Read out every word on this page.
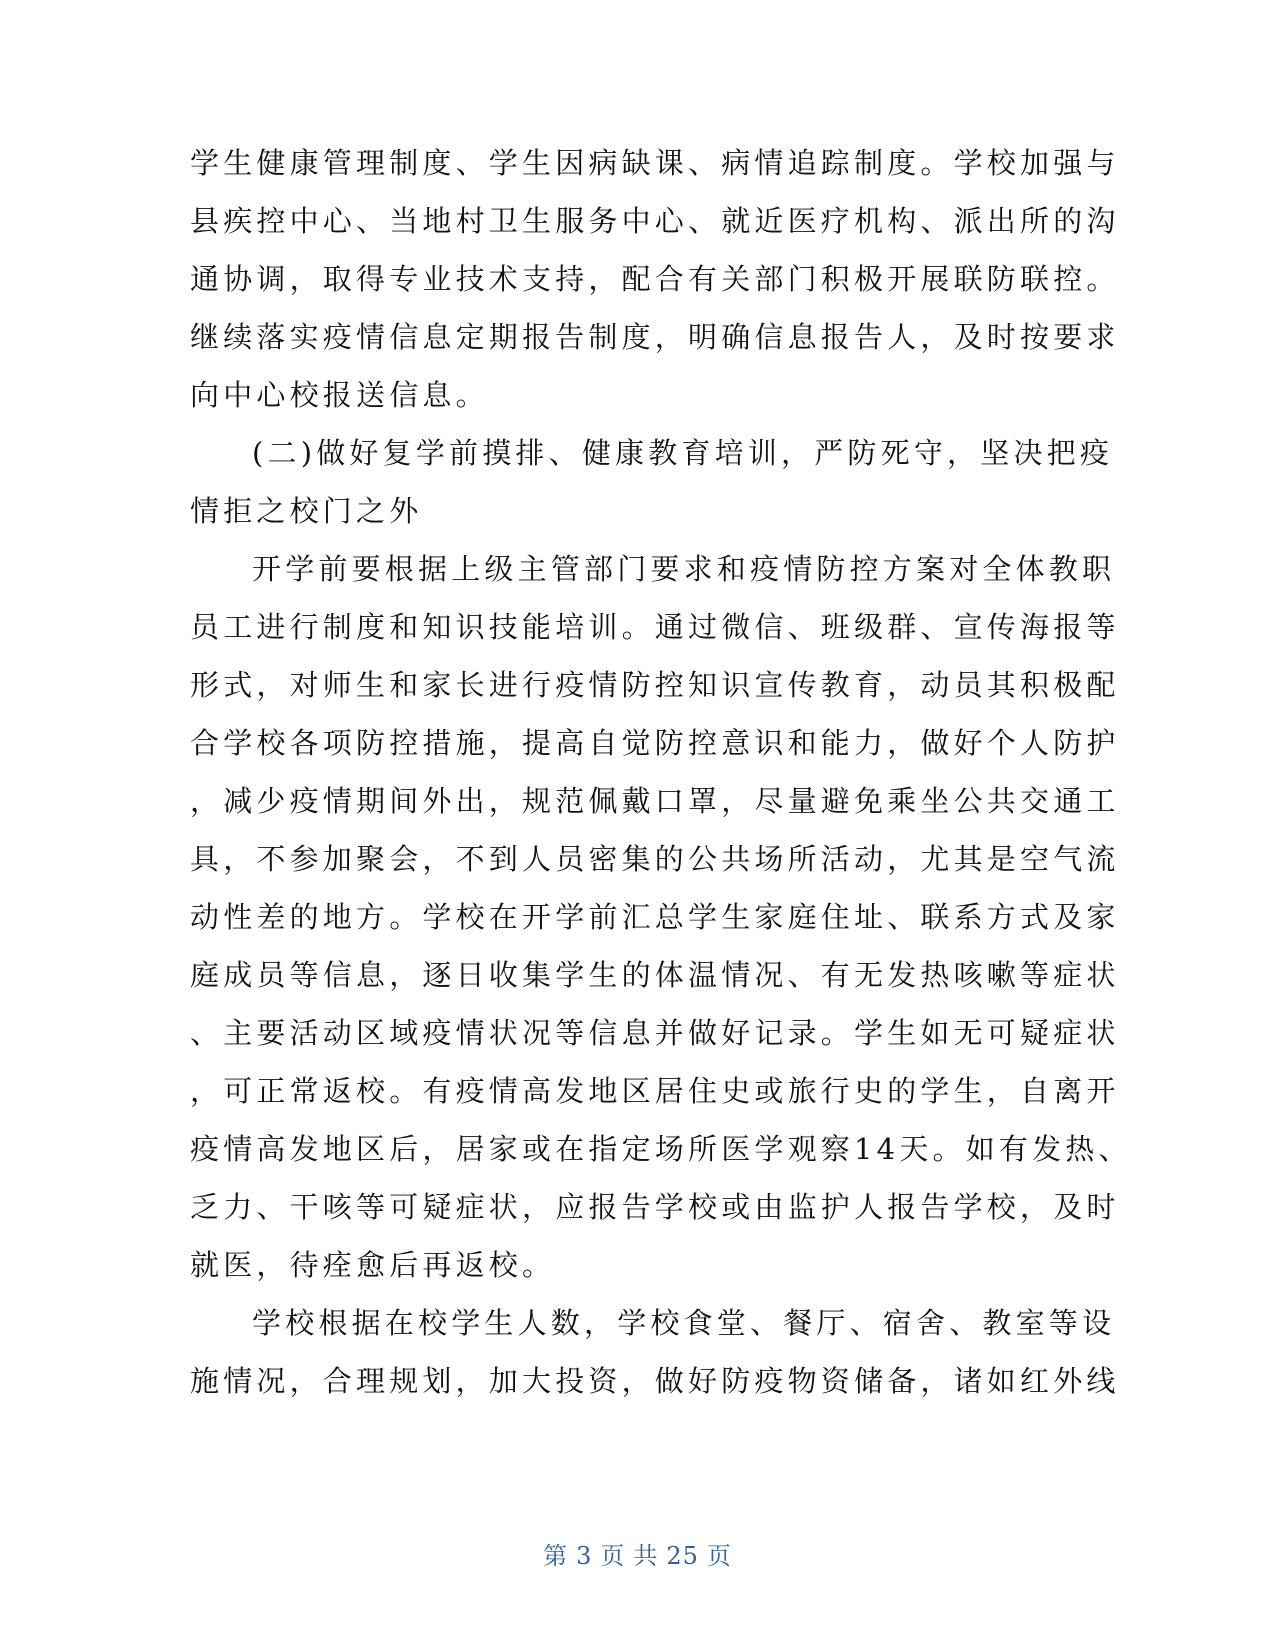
学生健康管理制度、学生因病缺课、病情追踪制度。学校加强与
县疾控中心、当地村卫生服务中心、就近医疗机构、派出所的沟
通协调，取得专业技术支持，配合有关部门积极开展联防联控。
继续落实疫情信息定期报告制度，明确信息报告人，及时按要求
向中心校报送信息。
(二)做好复学前摸排、健康教育培训，严防死守，坚决把疫
情拒之校门之外
开学前要根据上级主管部门要求和疫情防控方案对全体教职
员工进行制度和知识技能培训。通过微信、班级群、宣传海报等
形式，对师生和家长进行疫情防控知识宣传教育，动员其积极配
合学校各项防控措施，提高自觉防控意识和能力，做好个人防护
，减少疫情期间外出，规范佩戴口罩，尽量避免乘坐公共交通工
具，不参加聚会，不到人员密集的公共场所活动，尤其是空气流
动性差的地方。学校在开学前汇总学生家庭住址、联系方式及家
庭成员等信息，逐日收集学生的体温情况、有无发热咳嗽等症状
、主要活动区域疫情状况等信息并做好记录。学生如无可疑症状
，可正常返校。有疫情高发地区居住史或旅行史的学生，自离开
疫情高发地区后，居家或在指定场所医学观察14天。如有发热、
乏力、干咳等可疑症状，应报告学校或由监护人报告学校，及时
就医，待痊愈后再返校。
学校根据在校学生人数，学校食堂、餐厅、宿舍、教室等设
施情况，合理规划，加大投资，做好防疫物资储备，诸如红外线
第 3 页 共 25 页
